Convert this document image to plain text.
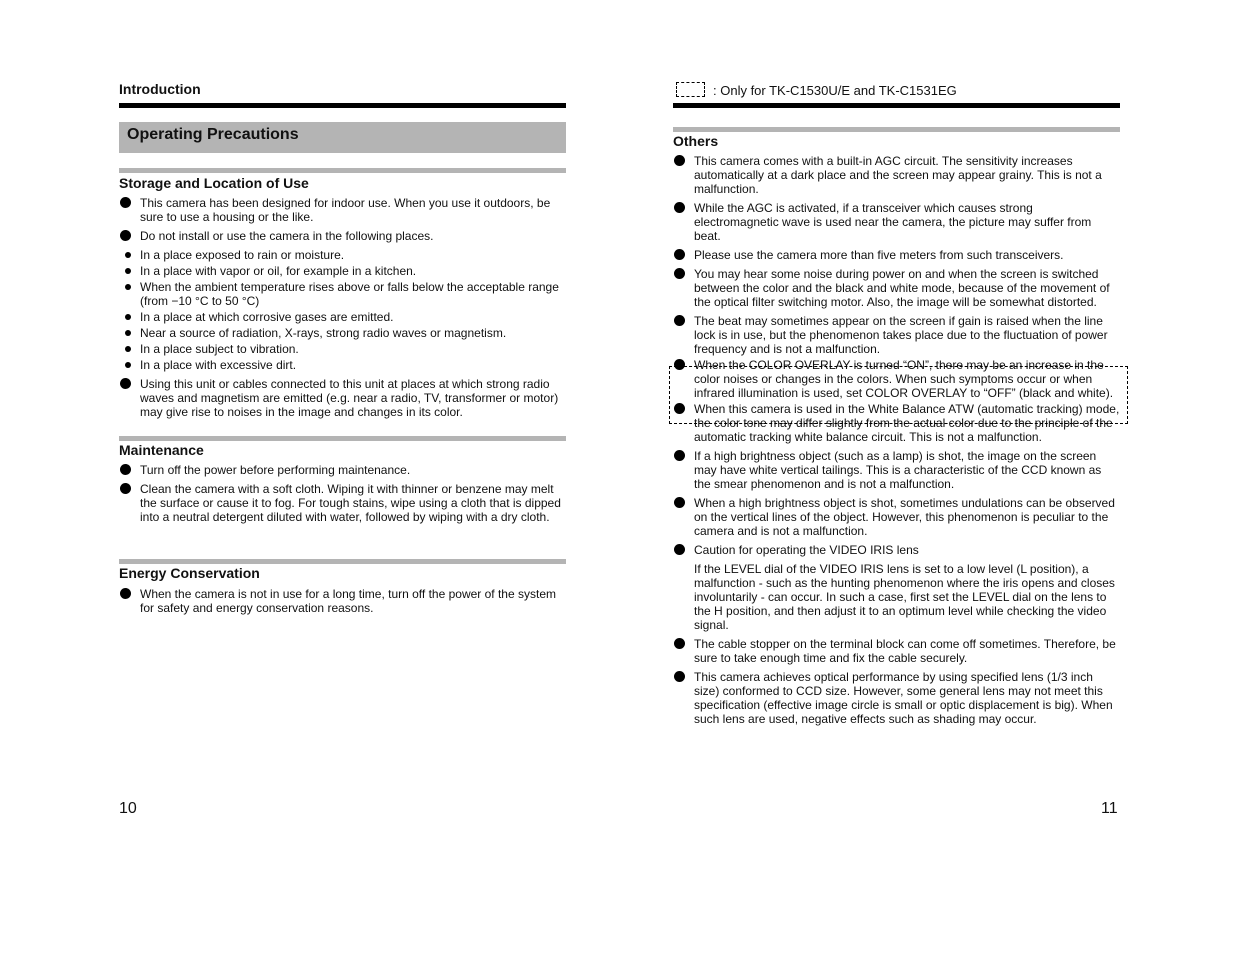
Introduction
Operating Precautions
Storage and Location of Use
This camera has been designed for indoor use. When you use it outdoors, be sure to use a housing or the like.
Do not install or use the camera in the following places.
In a place exposed to rain or moisture.
In a place with vapor or oil, for example in a kitchen.
When the ambient temperature rises above or falls below the acceptable range (from −10 °C to 50 °C)
In a place at which corrosive gases are emitted.
Near a source of radiation, X-rays, strong radio waves or magnetism.
In a place subject to vibration.
In a place with excessive dirt.
Using this unit or cables connected to this unit at places at which strong radio waves and magnetism are emitted (e.g. near a radio, TV, transformer or motor) may give rise to noises in the image and changes in its color.
Maintenance
Turn off the power before performing maintenance.
Clean the camera with a soft cloth. Wiping it with thinner or benzene may melt the surface or cause it to fog. For tough stains, wipe using a cloth that is dipped into a neutral detergent diluted with water, followed by wiping with a dry cloth.
Energy Conservation
When the camera is not in use for a long time, turn off the power of the system for safety and energy conservation reasons.
10
: Only for TK-C1530U/E and TK-C1531EG
Others
This camera comes with a built-in AGC circuit. The sensitivity increases automatically at a dark place and the screen may appear grainy. This is not a malfunction.
While the AGC is activated, if a transceiver which causes strong electromagnetic wave is used near the camera, the picture may suffer from beat.
Please use the camera more than five meters from such transceivers.
You may hear some noise during power on and when the screen is switched between the color and the black and white mode, because of the movement of the optical filter switching motor. Also, the image will be somewhat distorted.
The beat may sometimes appear on the screen if gain is raised when the line lock is in use, but the phenomenon takes place due to the fluctuation of power frequency and is not a malfunction.
When the COLOR OVERLAY is turned “ON”, there may be an increase in the color noises or changes in the colors. When such symptoms occur or when infrared illumination is used, set COLOR OVERLAY to “OFF” (black and white).
When this camera is used in the White Balance ATW (automatic tracking) mode, the color tone may differ slightly from the actual color due to the principle of the automatic tracking white balance circuit. This is not a malfunction.
If a high brightness object (such as a lamp) is shot, the image on the screen may have white vertical tailings. This is a characteristic of the CCD known as the smear phenomenon and is not a malfunction.
When a high brightness object is shot, sometimes undulations can be observed on the vertical lines of the object. However, this phenomenon is peculiar to the camera and is not a malfunction.
Caution for operating the VIDEO IRIS lens
If the LEVEL dial of the VIDEO IRIS lens is set to a low level (L position), a malfunction - such as the hunting phenomenon where the iris opens and closes involuntarily - can occur. In such a case, first set the LEVEL dial on the lens to the H position, and then adjust it to an optimum level while checking the video signal.
The cable stopper on the terminal block can come off sometimes. Therefore, be sure to take enough time and fix the cable securely.
This camera achieves optical performance by using specified lens (1/3 inch size) conformed to CCD size. However, some general lens may not meet this specification (effective image circle is small or optic displacement is big). When such lens are used, negative effects such as shading may occur.
11
